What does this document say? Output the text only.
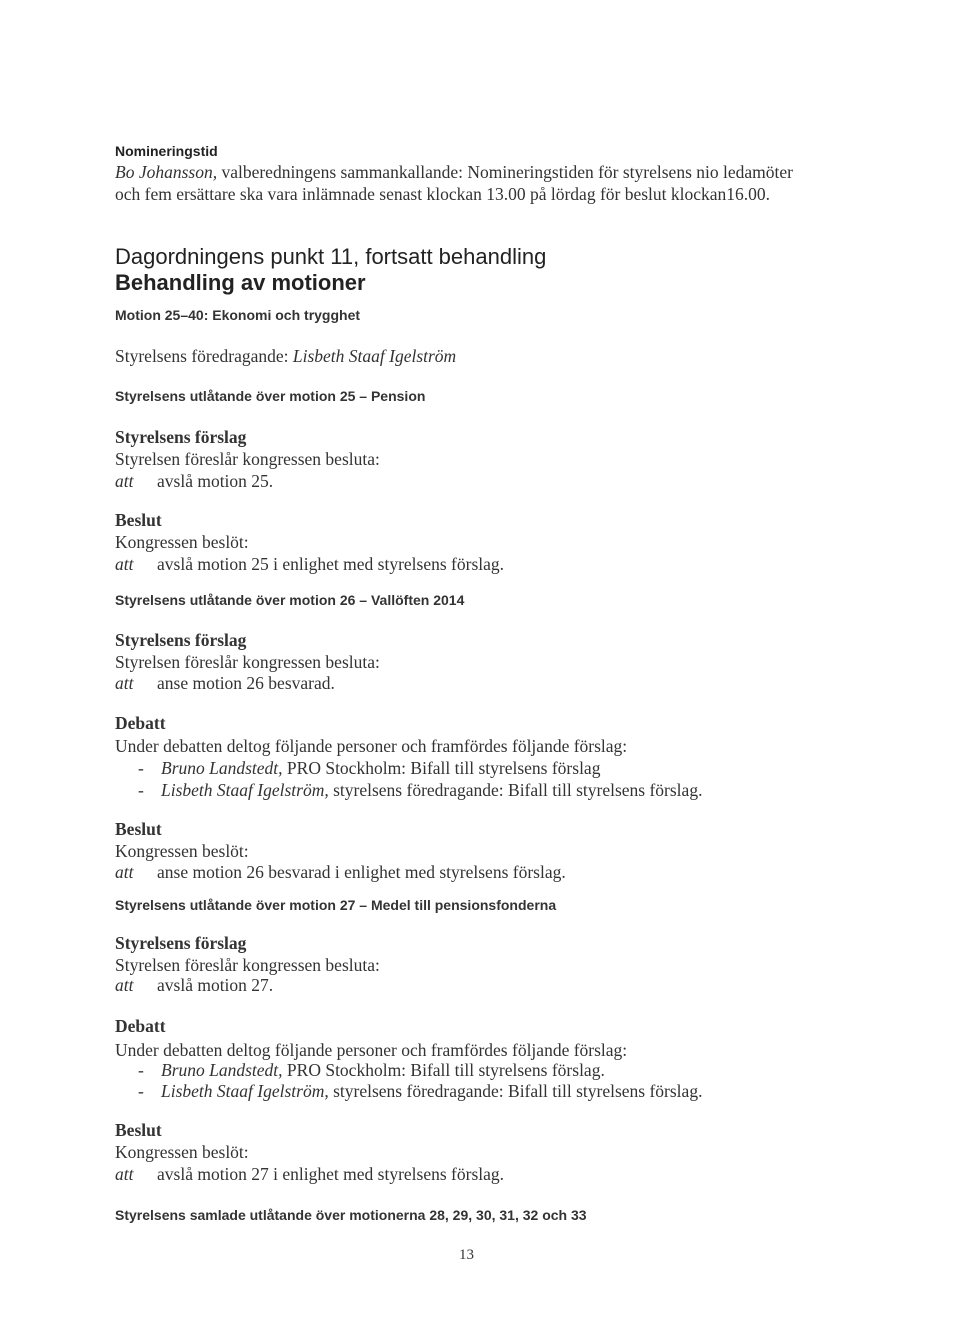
Nomineringstid
Bo Johansson, valberedningens sammankallande: Nomineringstiden för styrelsens nio ledamöter
och fem ersättare ska vara inlämnade senast klockan 13.00 på lördag för beslut klockan16.00.
Dagordningens punkt 11, fortsatt behandling
Behandling av motioner
Motion 25–40: Ekonomi och trygghet
Styrelsens föredragande: Lisbeth Staaf Igelström
Styrelsens utlåtande över motion 25 – Pension
Styrelsens förslag
Styrelsen föreslår kongressen besluta:
att avslå motion 25.
Beslut
Kongressen beslöt:
att avslå motion 25 i enlighet med styrelsens förslag.
Styrelsens utlåtande över motion 26 – Vallöften 2014
Styrelsens förslag
Styrelsen föreslår kongressen besluta:
att anse motion 26 besvarad.
Debatt
Under debatten deltog följande personer och framfördes följande förslag:
- Bruno Landstedt, PRO Stockholm: Bifall till styrelsens förslag
- Lisbeth Staaf Igelström, styrelsens föredragande: Bifall till styrelsens förslag.
Beslut
Kongressen beslöt:
att anse motion 26 besvarad i enlighet med styrelsens förslag.
Styrelsens utlåtande över motion 27 – Medel till pensionsfonderna
Styrelsens förslag
Styrelsen föreslår kongressen besluta:
att avslå motion 27.
Debatt
Under debatten deltog följande personer och framfördes följande förslag:
- Bruno Landstedt, PRO Stockholm: Bifall till styrelsens förslag.
- Lisbeth Staaf Igelström, styrelsens föredragande: Bifall till styrelsens förslag.
Beslut
Kongressen beslöt:
att avslå motion 27 i enlighet med styrelsens förslag.
Styrelsens samlade utlåtande över motionerna 28, 29, 30, 31, 32 och 33
13
